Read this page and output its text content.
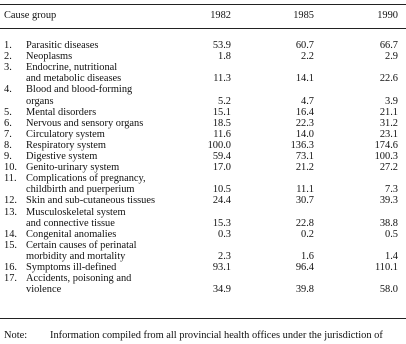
Cause group	1982	1985	1990
1. Parasitic diseases	53.9	60.7	66.7
2. Neoplasms	1.8	2.2	2.9
3. Endocrine, nutritional
and metabolic diseases	11.3	14.1	22.6
4. Blood and blood-forming
organs	5.2	4.7	3.9
5. Mental disorders	15.1	16.4	21.1
6. Nervous and sensory organs	18.5	22.3	31.2
7. Circulatory system	11.6	14.0	23.1
8. Respiratory system	100.0	136.3	174.6
9. Digestive system	59.4	73.1	100.3
10. Genito-urinary system	17.0	21.2	27.2
11. Complications of pregnancy,
childbirth and puerperium	10.5	11.1	7.3
12. Skin and sub-cutaneous tissues	24.4	30.7	39.3
13. Musculoskeletal system
and connective tissue	15.3	22.8	38.8
14. Congenital anomalies	0.3	0.2	0.5
15. Certain causes of perinatal
morbidity and mortality	2.3	1.6	1.4
16. Symptoms ill-defined	93.1	96.4	110.1
17. Accidents, poisoning and
violence	34.9	39.8	58.0
Note: Information compiled from all provincial health offices under the jurisdiction of
